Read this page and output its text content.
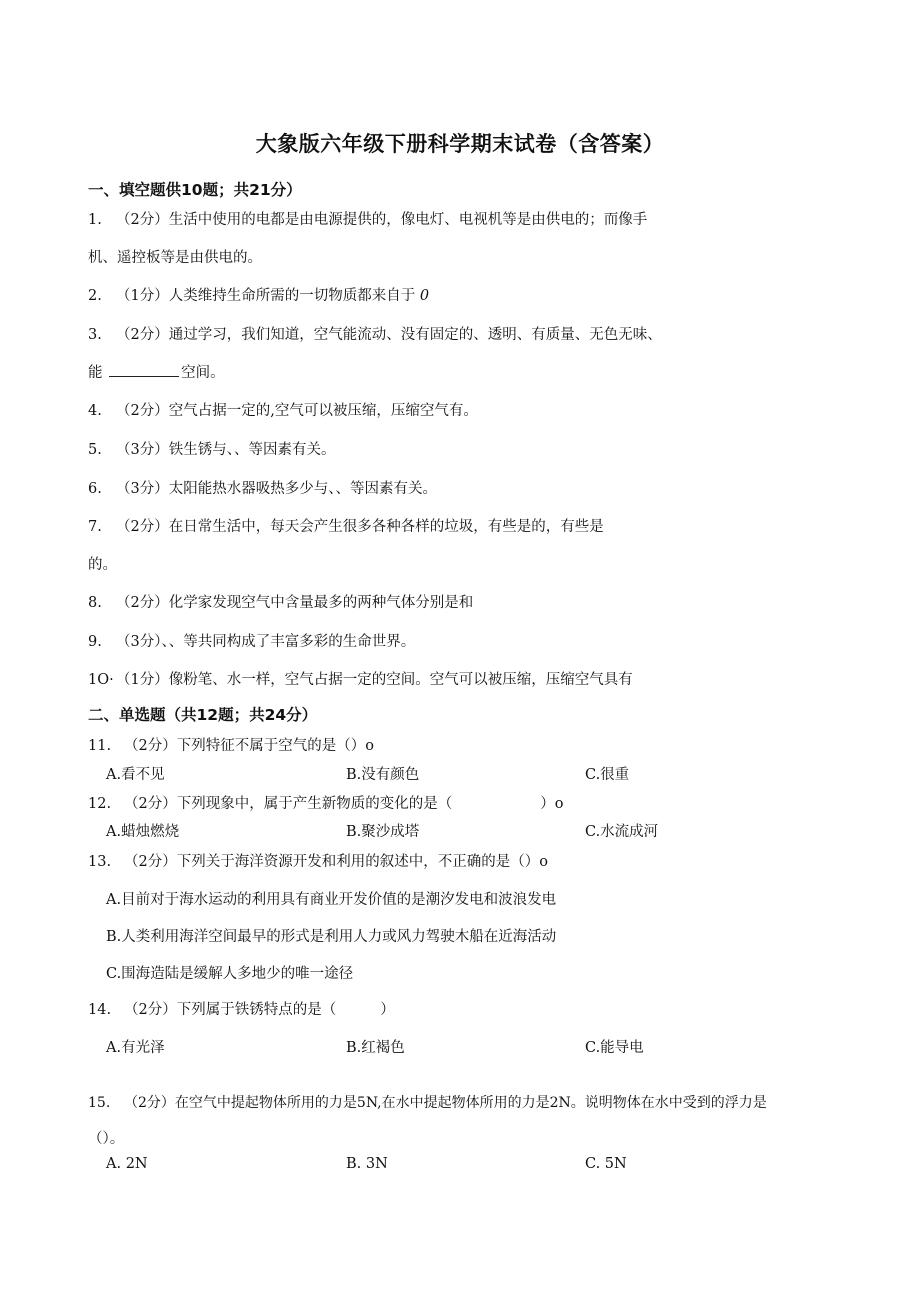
大象版六年级下册科学期末试卷（含答案）
一、填空题供10题；共21分）
1. （2分）生活中使用的电都是由电源提供的，像电灯、电视机等是由供电的；而像手
机、遥控板等是由供电的。
2. （1分）人类维持生命所需的一切物质都来自于 0
3. （2分）通过学习，我们知道，空气能流动、没有固定的、透明、有质量、无色无味、
能	空间。
4. （2分）空气占据一定的,空气可以被压缩，压缩空气有。
5. （3分）铁生锈与、、等因素有关。
6. （3分）太阳能热水器吸热多少与、、等因素有关。
7. （2分）在日常生活中，每天会产生很多各种各样的垃圾，有些是的，有些是
的。
8. （2分）化学家发现空气中含量最多的两种气体分别是和
9. （3分）、、等共同构成了丰富多彩的生命世界。
1O· （1分）像粉笔、水一样，空气占据一定的空间。空气可以被压缩，压缩空气具有
二、单选题（共12题；共24分）
11. （2分）下列特征不属于空气的是（）o
A.看不见	B.没有颜色	C.很重
12. （2分）下列现象中，属于产生新物质的变化的是（	）o
A.蜡烛燃烧	B.聚沙成塔	C.水流成河
13. （2分）下列关于海洋资源开发和利用的叙述中，不正确的是（）o
A.目前对于海水运动的利用具有商业开发价值的是潮汐发电和波浪发电
B.人类利用海洋空间最早的形式是利用人力或风力驾驶木船在近海活动
C.围海造陆是缓解人多地少的唯一途径
14. （2分）下列属于铁锈特点的是（	）
A.有光泽	B.红褐色	C.能导电
15. （2分）在空气中提起物体所用的力是5N,在水中提起物体所用的力是2N。说明物体在水中受到的浮力是
（）。
A. 2N	B. 3N	C. 5N
